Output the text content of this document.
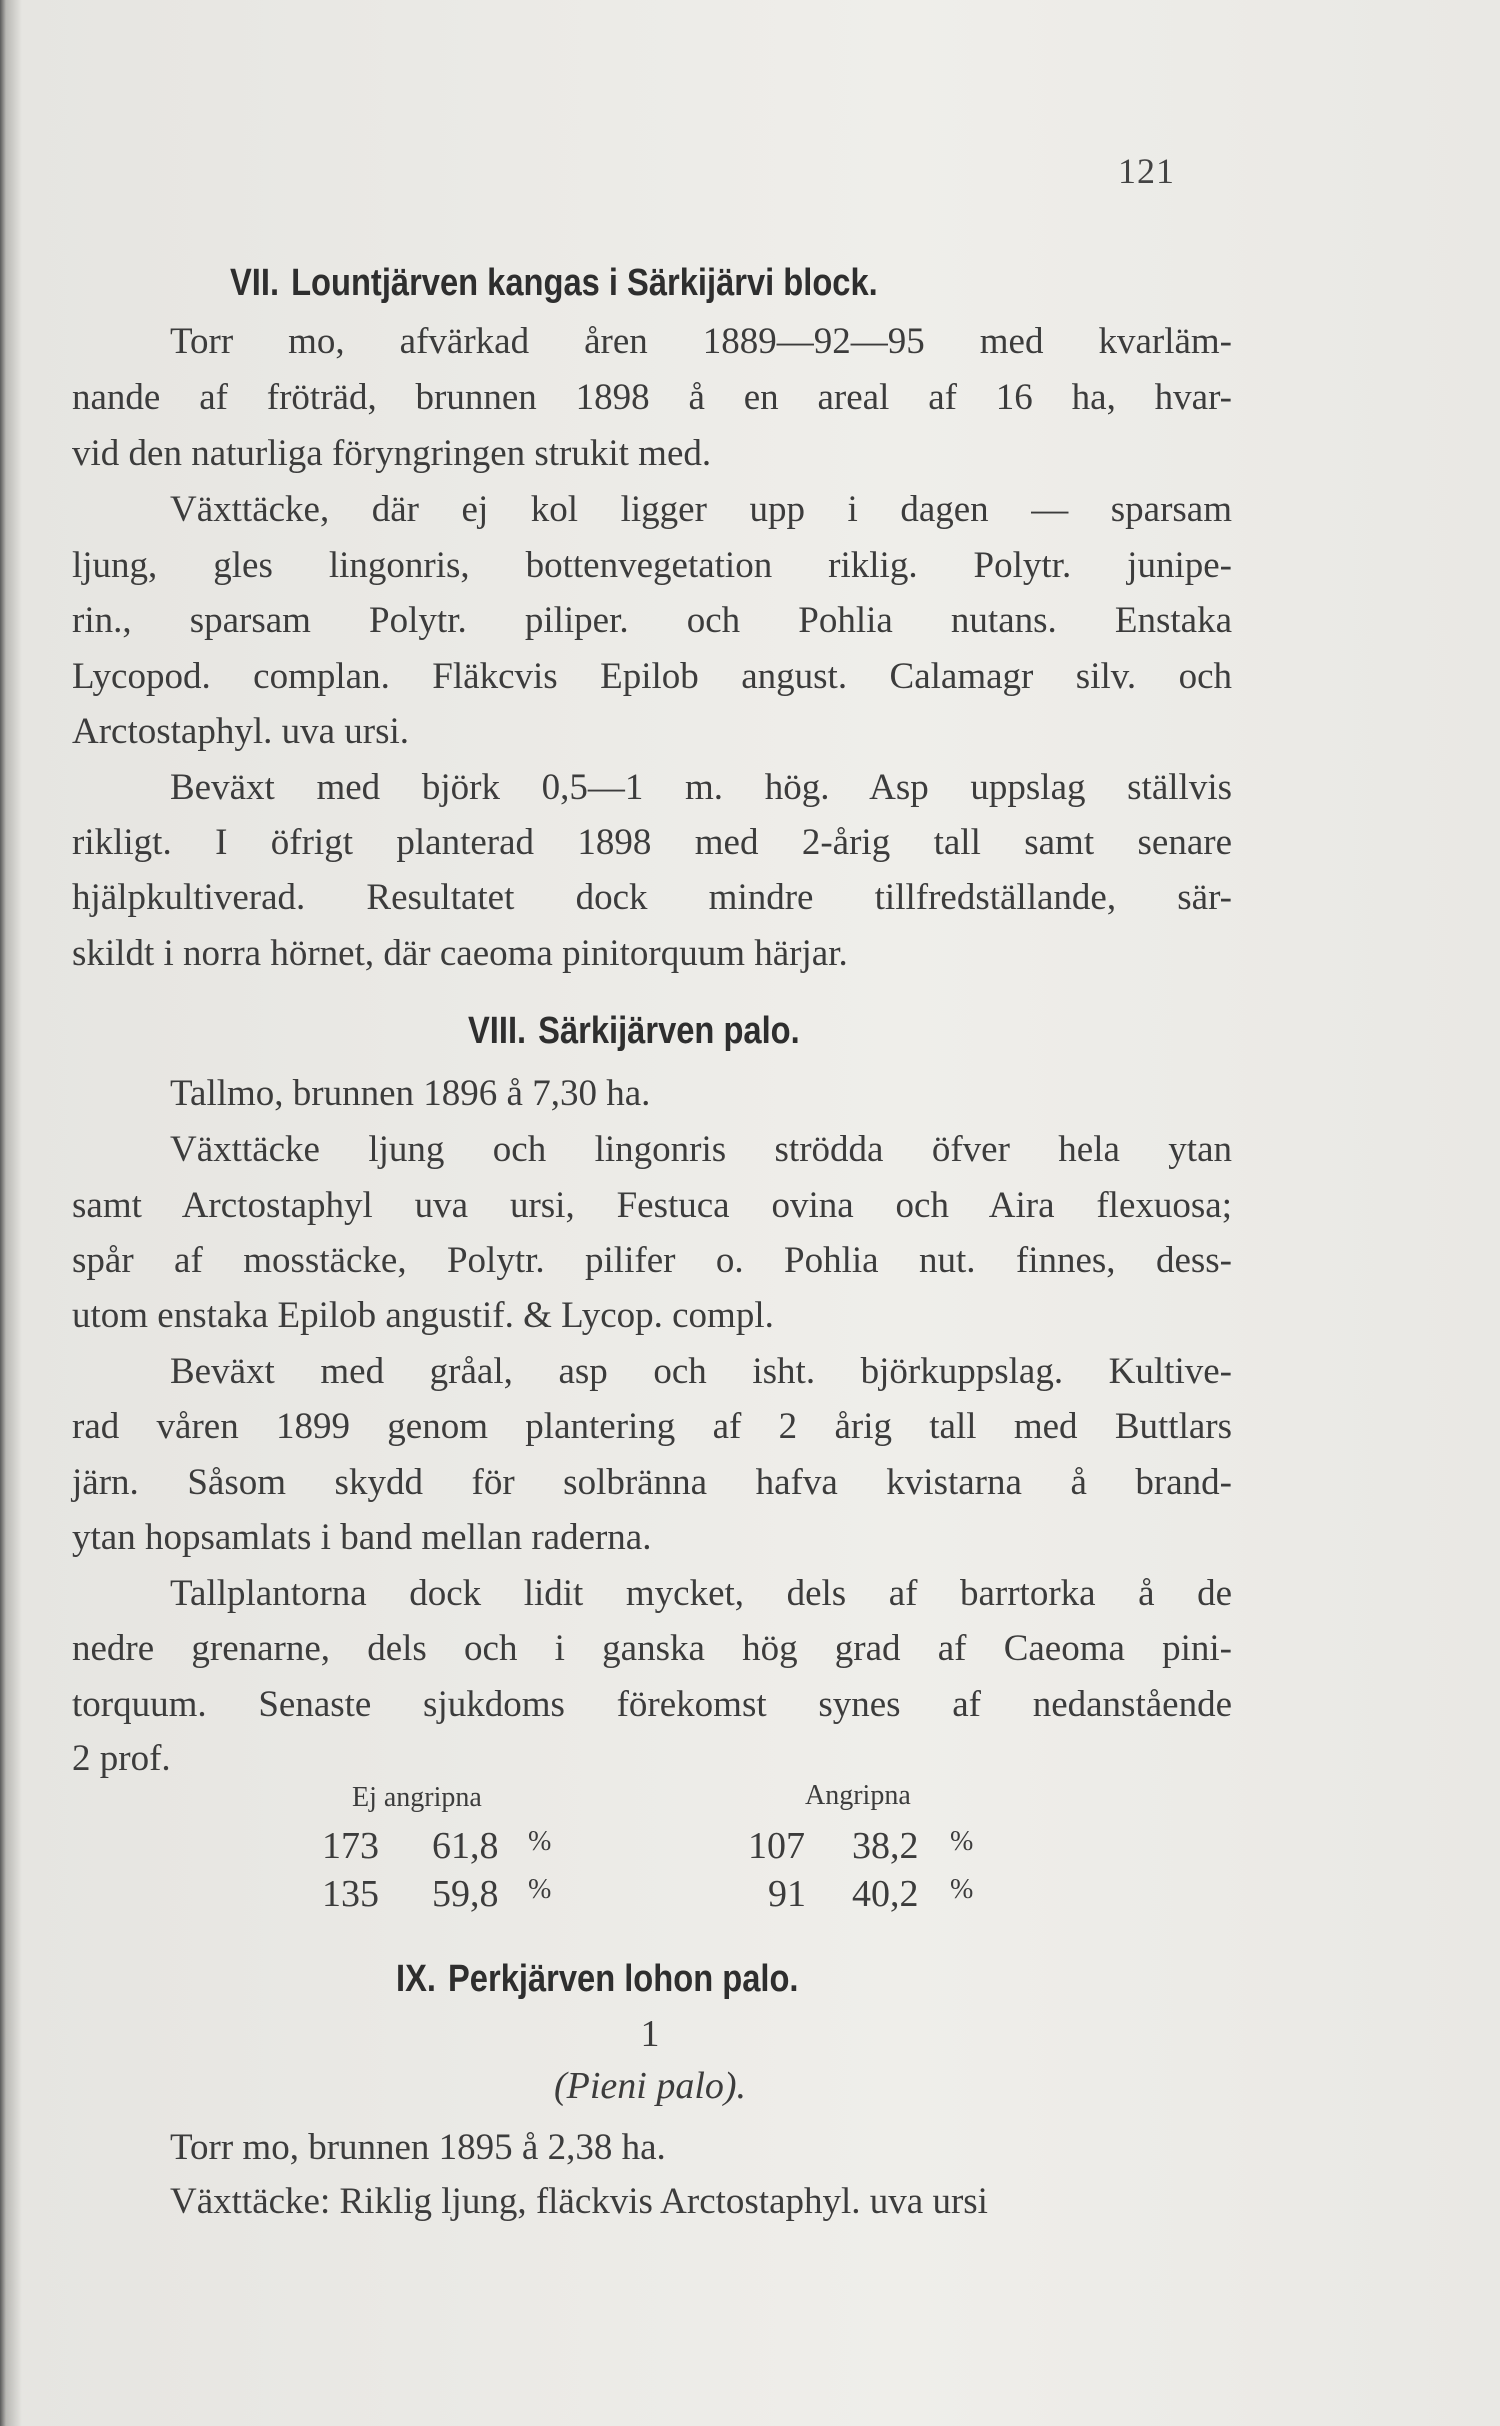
121
VII. Lountjärven kangas i Särkijärvi block.
Torr mo, afvärkad åren 1889—92—95 med kvarläm-
nande af fröträd, brunnen 1898 å en areal af 16 ha, hvar-
vid den naturliga föryngringen strukit med.
Växttäcke, där ej kol ligger upp i dagen — sparsam
ljung, gles lingonris, bottenvegetation riklig. Polytr. junipe-
rin., sparsam Polytr. piliper. och Pohlia nutans. Enstaka
Lycopod. complan. Fläkcvis Epilob angust. Calamagr silv. och
Arctostaphyl. uva ursi.
Beväxt med björk 0,5—1 m. hög. Asp uppslag ställvis
rikligt. I öfrigt planterad 1898 med 2-årig tall samt senare
hjälpkultiverad. Resultatet dock mindre tillfredställande, sär-
skildt i norra hörnet, där caeoma pinitorquum härjar.
VIII. Särkijärven palo.
Tallmo, brunnen 1896 å 7,30 ha.
Växttäcke ljung och lingonris strödda öfver hela ytan
samt Arctostaphyl uva ursi, Festuca ovina och Aira flexuosa;
spår af mosstäcke, Polytr. pilifer o. Pohlia nut. finnes, dess-
utom enstaka Epilob angustif. & Lycop. compl.
Beväxt med gråal, asp och isht. björkuppslag. Kultive-
rad våren 1899 genom plantering af 2 årig tall med Buttlars
järn. Såsom skydd för solbränna hafva kvistarna å brand-
ytan hopsamlats i band mellan raderna.
Tallplantorna dock lidit mycket, dels af barrtorka å de
nedre grenarne, dels och i ganska hög grad af Caeoma pini-
torquum. Senaste sjukdoms förekomst synes af nedanstående
2 prof.
Ej angripna	Angripna
173 61,8 %	107 38,2 %
135 59,8 %	91 40,2 %
IX. Perkjärven lohon palo.
1
(Pieni palo).
Torr mo, brunnen 1895 å 2,38 ha.
Växttäcke: Riklig ljung, fläckvis Arctostaphyl. uva ursi
